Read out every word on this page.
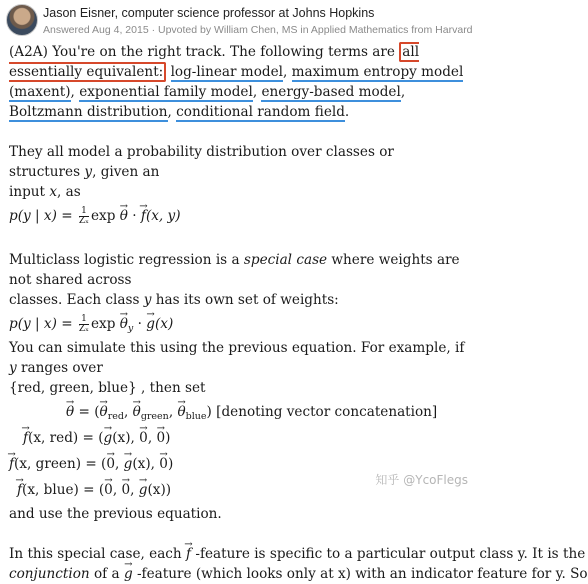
Jason Eisner, computer science professor at Johns Hopkins
Answered Aug 4, 2015 · Upvoted by William Chen, MS in Applied Mathematics from Harvard

(A2A) You're on the right track. The following terms are all essentially equivalent: log-linear model, maximum entropy model (maxent), exponential family model, energy-based model, Boltzmann distribution, conditional random field.

They all model a probability distribution over classes or structures y, given an
input x, as

p(y | $x) = \frac{1}{\text{Zₓ}}$ exp → θ · → f(x, y)

Multiclass logistic regression is a special case where weights are not shared across
classes. Each class y has its own set of weights:

p(y | $x) = \frac{1}{\text{Zₓ}}$ $\exp \to \theta_y$ · → g(x)

You can simulate this using the previous equation. For example, if y ranges over
{red, green, blue} , then set

→ θ = (→ $\theta_{red}$, → $\theta_{green}$, → $\theta_{blue}$) [denoting vector concatenation]
→ f(x, red) = (→ g(x), → 0, → 0)
→ f(x, green) = (→ 0, → g(x), → 0)
→ f(x, blue) = (→ 0, → 0, → g(x))

and use the previous equation.

In this special case, each → f -feature is specific to a particular output class y. It is the
conjunction of a → g -feature (which looks only at x) with an indicator feature for y. So

知乎 @YcoFlegs
